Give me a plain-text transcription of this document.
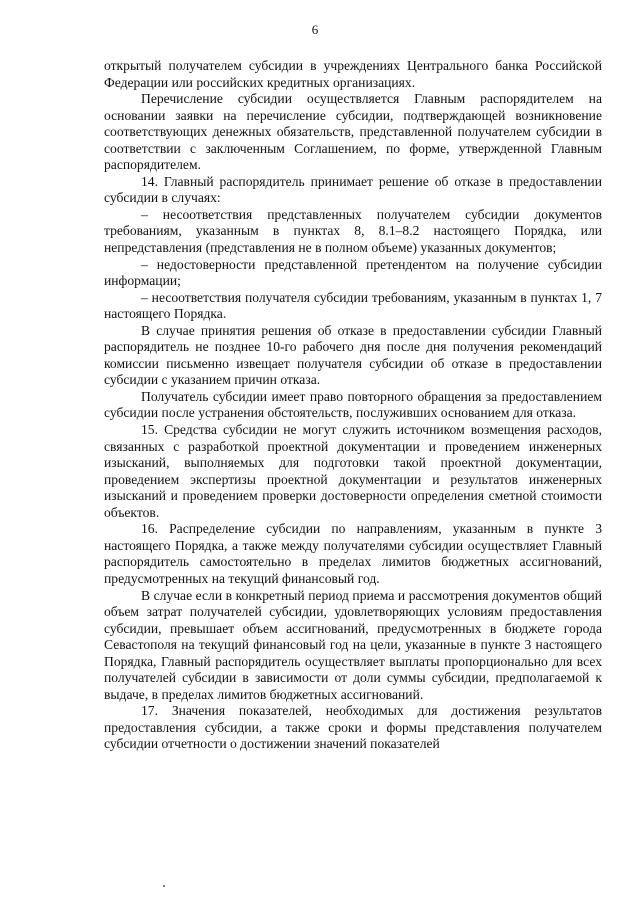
6

открытый получателем субсидии в учреждениях Центрального банка Российской Федерации или российских кредитных организациях.

Перечисление субсидии осуществляется Главным распорядителем на основании заявки на перечисление субсидии, подтверждающей возникновение соответствующих денежных обязательств, представленной получателем субсидии в соответствии с заключенным Соглашением, по форме, утвержденной Главным распорядителем.

14. Главный распорядитель принимает решение об отказе в предоставлении субсидии в случаях:

– несоответствия представленных получателем субсидии документов требованиям, указанным в пунктах 8, 8.1–8.2 настоящего Порядка, или непредставления (представления не в полном объеме) указанных документов;

– недостоверности представленной претендентом на получение субсидии информации;

– несоответствия получателя субсидии требованиям, указанным в пунктах 1, 7 настоящего Порядка.

В случае принятия решения об отказе в предоставлении субсидии Главный распорядитель не позднее 10-го рабочего дня после дня получения рекомендаций комиссии письменно извещает получателя субсидии об отказе в предоставлении субсидии с указанием причин отказа.

Получатель субсидии имеет право повторного обращения за предоставлением субсидии после устранения обстоятельств, послуживших основанием для отказа.

15. Средства субсидии не могут служить источником возмещения расходов, связанных с разработкой проектной документации и проведением инженерных изысканий, выполняемых для подготовки такой проектной документации, проведением экспертизы проектной документации и результатов инженерных изысканий и проведением проверки достоверности определения сметной стоимости объектов.

16. Распределение субсидии по направлениям, указанным в пункте 3 настоящего Порядка, а также между получателями субсидии осуществляет Главный распорядитель самостоятельно в пределах лимитов бюджетных ассигнований, предусмотренных на текущий финансовый год.

В случае если в конкретный период приема и рассмотрения документов общий объем затрат получателей субсидии, удовлетворяющих условиям предоставления субсидии, превышает объем ассигнований, предусмотренных в бюджете города Севастополя на текущий финансовый год на цели, указанные в пункте 3 настоящего Порядка, Главный распорядитель осуществляет выплаты пропорционально для всех получателей субсидии в зависимости от доли суммы субсидии, предполагаемой к выдаче, в пределах лимитов бюджетных ассигнований.

17. Значения показателей, необходимых для достижения результатов предоставления субсидии, а также сроки и формы представления получателем субсидии отчетности о достижении значений показателей
